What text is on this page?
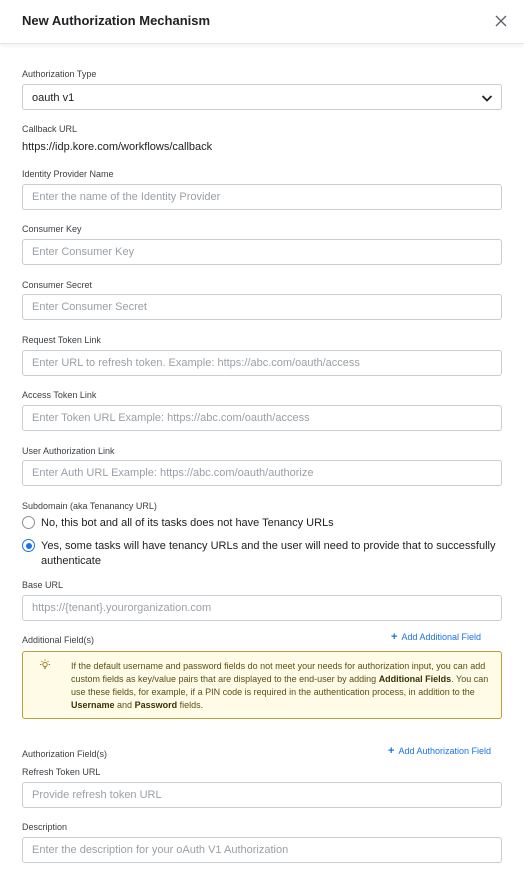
New Authorization Mechanism
Authorization Type
oauth v1
Callback URL
https://idp.kore.com/workflows/callback
Identity Provider Name
Enter the name of the Identity Provider
Consumer Key
Enter Consumer Key
Consumer Secret
Enter Consumer Secret
Request Token Link
Enter URL to refresh token. Example: https://abc.com/oauth/access
Access Token Link
Enter Token URL Example: https://abc.com/oauth/access
User Authorization Link
Enter Auth URL Example: https://abc.com/oauth/authorize
Subdomain (aka Tenanancy URL)
No, this bot and all of its tasks does not have Tenancy URLs
Yes, some tasks will have tenancy URLs and the user will need to provide that to successfully authenticate
Base URL
https://{tenant}.yourorganization.com
Additional Field(s)	+ Add Additional Field
If the default username and password fields do not meet your needs for authorization input, you can add custom fields as key/value pairs that are displayed to the end-user by adding Additional Fields. You can use these fields, for example, if a PIN code is required in the authentication process, in addition to the Username and Password fields.
Authorization Field(s)	+ Add Authorization Field
Refresh Token URL
Provide refresh token URL
Description
Enter the description for your oAuth V1 Authorization
